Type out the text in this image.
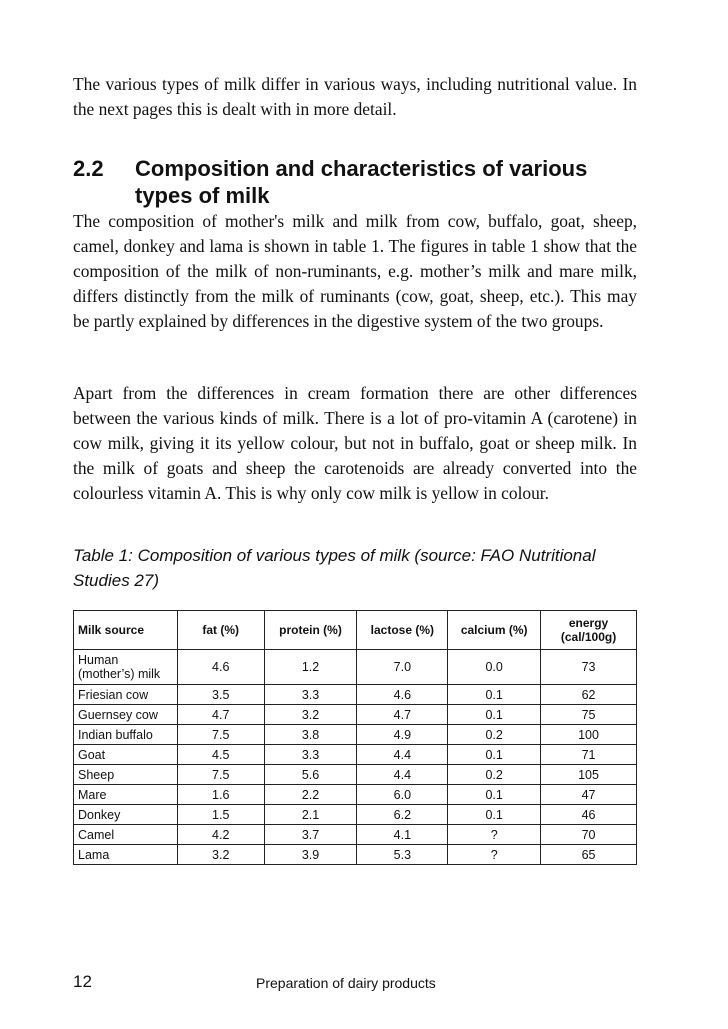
The various types of milk differ in various ways, including nutritional value. In the next pages this is dealt with in more detail.

2.2 Composition and characteristics of various types of milk

The composition of mother's milk and milk from cow, buffalo, goat, sheep, camel, donkey and lama is shown in table 1. The figures in table 1 show that the composition of the milk of non-ruminants, e.g. mother’s milk and mare milk, differs distinctly from the milk of ruminants (cow, goat, sheep, etc.). This may be partly explained by differences in the digestive system of the two groups.

Apart from the differences in cream formation there are other differences between the various kinds of milk. There is a lot of pro-vitamin A (carotene) in cow milk, giving it its yellow colour, but not in buffalo, goat or sheep milk. In the milk of goats and sheep the carotenoids are already converted into the colourless vitamin A. This is why only cow milk is yellow in colour.

Table 1: Composition of various types of milk (source: FAO Nutritional Studies 27)

Milk source	fat (%)	protein (%)	lactose (%)	calcium (%)	energy (cal/100g)
Human (mother’s) milk	4.6	1.2	7.0	0.0	73
Friesian cow	3.5	3.3	4.6	0.1	62
Guernsey cow	4.7	3.2	4.7	0.1	75
Indian buffalo	7.5	3.8	4.9	0.2	100
Goat	4.5	3.3	4.4	0.1	71
Sheep	7.5	5.6	4.4	0.2	105
Mare	1.6	2.2	6.0	0.1	47
Donkey	1.5	2.1	6.2	0.1	46
Camel	4.2	3.7	4.1	?	70
Lama	3.2	3.9	5.3	?	65
12	Preparation of dairy products
